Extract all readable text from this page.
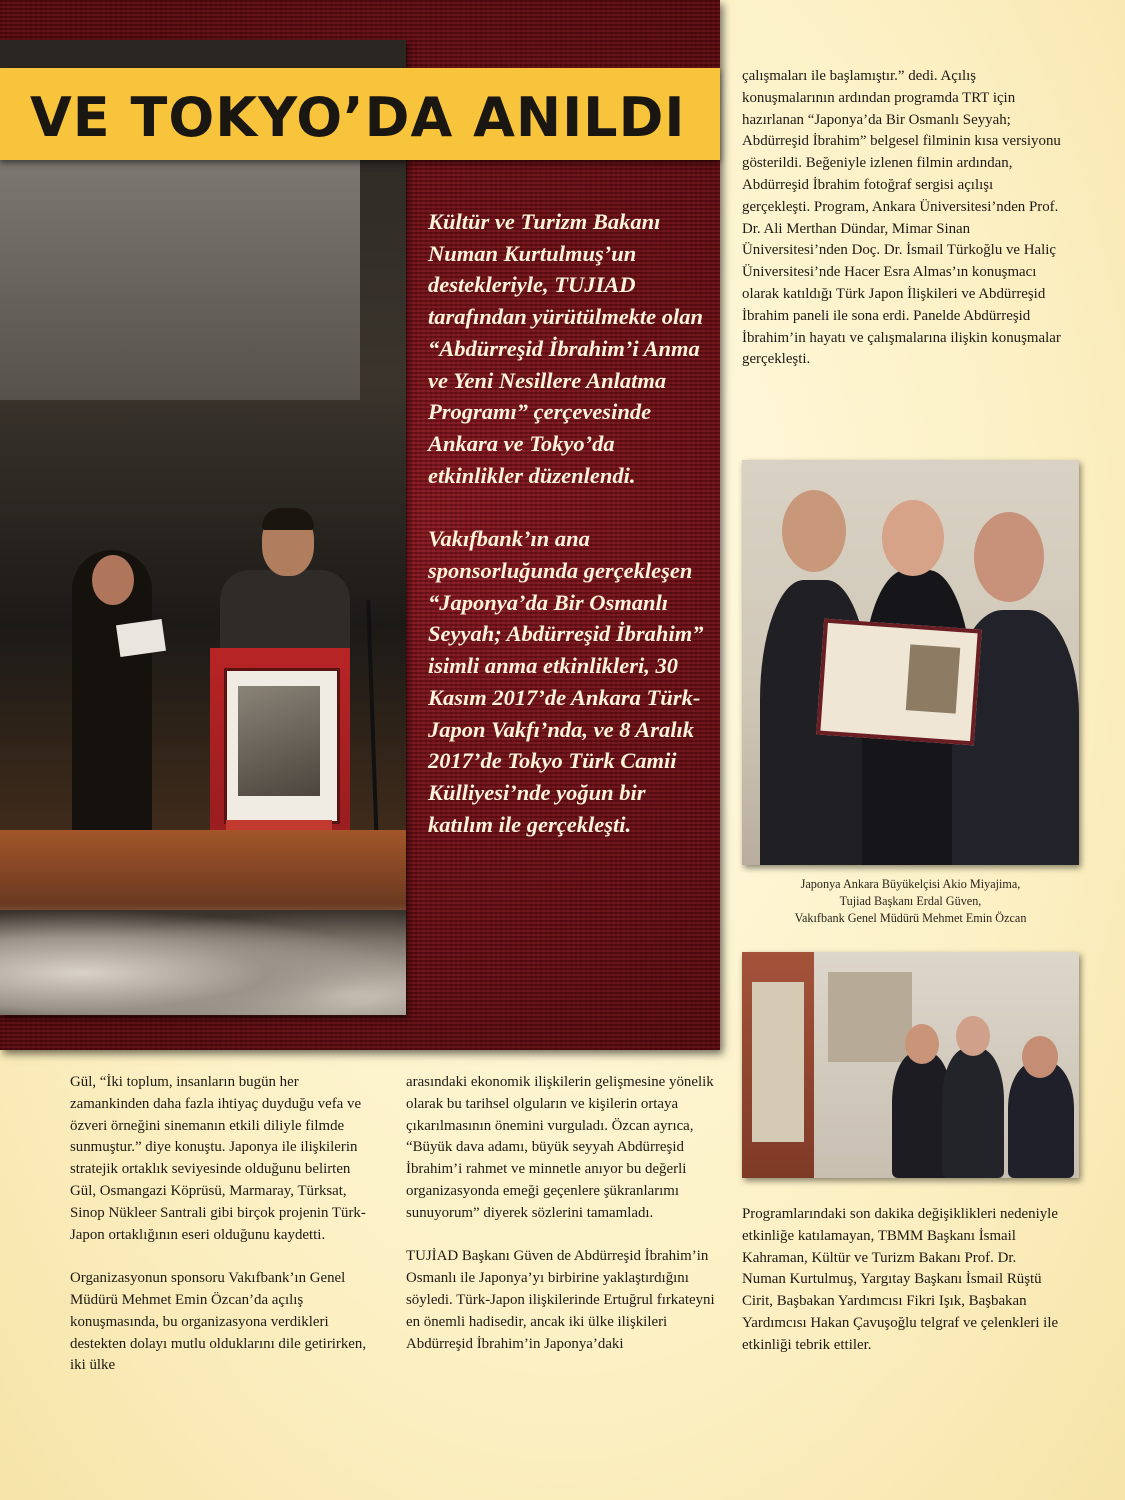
VE TOKYO’DA ANILDI

Kültür ve Turizm Bakanı Numan Kurtulmuş’un destekleriyle, TUJIAD tarafından yürütülmekte olan “Abdürreşid İbrahim’i Anma ve Yeni Nesillere Anlatma Programı” çerçevesinde Ankara ve Tokyo’da etkinlikler düzenlendi.

Vakıfbank’ın ana sponsorluğunda gerçekleşen “Japonya’da Bir Osmanlı Seyyah; Abdürreşid İbrahim” isimli anma etkinlikleri, 30 Kasım 2017’de Ankara Türk-Japon Vakfı’nda, ve 8 Aralık 2017’de Tokyo Türk Camii Külliyesi’nde yoğun bir katılım ile gerçekleşti.

çalışmaları ile başlamıştır.” dedi. Açılış konuşmalarının ardından programda TRT için hazırlanan “Japonya’da Bir Osmanlı Seyyah; Abdürreşid İbrahim” belgesel filminin kısa versiyonu gösterildi. Beğeniyle izlenen filmin ardından, Abdürreşid İbrahim fotoğraf sergisi açılışı gerçekleşti. Program, Ankara Üniversitesi’nden Prof. Dr. Ali Merthan Dündar, Mimar Sinan Üniversitesi’nden Doç. Dr. İsmail Türkoğlu ve Haliç Üniversitesi’nde Hacer Esra Almas’ın konuşmacı olarak katıldığı Türk Japon İlişkileri ve Abdürreşid İbrahim paneli ile sona erdi. Panelde Abdürreşid İbrahim’in hayatı ve çalışmalarına ilişkin konuşmalar gerçekleşti.

Japonya Ankara Büyükelçisi Akio Miyajima,
Tujiad Başkanı Erdal Güven,
Vakıfbank Genel Müdürü Mehmet Emin Özcan

Gül, “İki toplum, insanların bugün her zamankinden daha fazla ihtiyaç duyduğu vefa ve özveri örneğini sinemanın etkili diliyle filmde sunmuştur.” diye konuştu. Japonya ile ilişkilerin stratejik ortaklık seviyesinde olduğunu belirten Gül, Osmangazi Köprüsü, Marmaray, Türksat, Sinop Nükleer Santrali gibi birçok projenin Türk-Japon ortaklığının eseri olduğunu kaydetti.

Organizasyonun sponsoru Vakıfbank’ın Genel Müdürü Mehmet Emin Özcan’da açılış konuşmasında, bu organizasyona verdikleri destekten dolayı mutlu olduklarını dile getirirken, iki ülke

arasındaki ekonomik ilişkilerin gelişmesine yönelik olarak bu tarihsel olguların ve kişilerin ortaya çıkarılmasının önemini vurguladı. Özcan ayrıca, “Büyük dava adamı, büyük seyyah Abdürreşid İbrahim’i rahmet ve minnetle anıyor bu değerli organizasyonda emeği geçenlere şükranlarımı sunuyorum” diyerek sözlerini tamamladı.

TUJİAD Başkanı Güven de Abdürreşid İbrahim’in Osmanlı ile Japonya’yı birbirine yaklaştırdığını söyledi. Türk-Japon ilişkilerinde Ertuğrul fırkateyni en önemli hadisedir, ancak iki ülke ilişkileri Abdürreşid İbrahim’in Japonya’daki

Programlarındaki son dakika değişiklikleri nedeniyle etkinliğe katılamayan, TBMM Başkanı İsmail Kahraman, Kültür ve Turizm Bakanı Prof. Dr. Numan Kurtulmuş, Yargıtay Başkanı İsmail Rüştü Cirit, Başbakan Yardımcısı Fikri Işık, Başbakan Yardımcısı Hakan Çavuşoğlu telgraf ve çelenkleri ile etkinliği tebrik ettiler.
